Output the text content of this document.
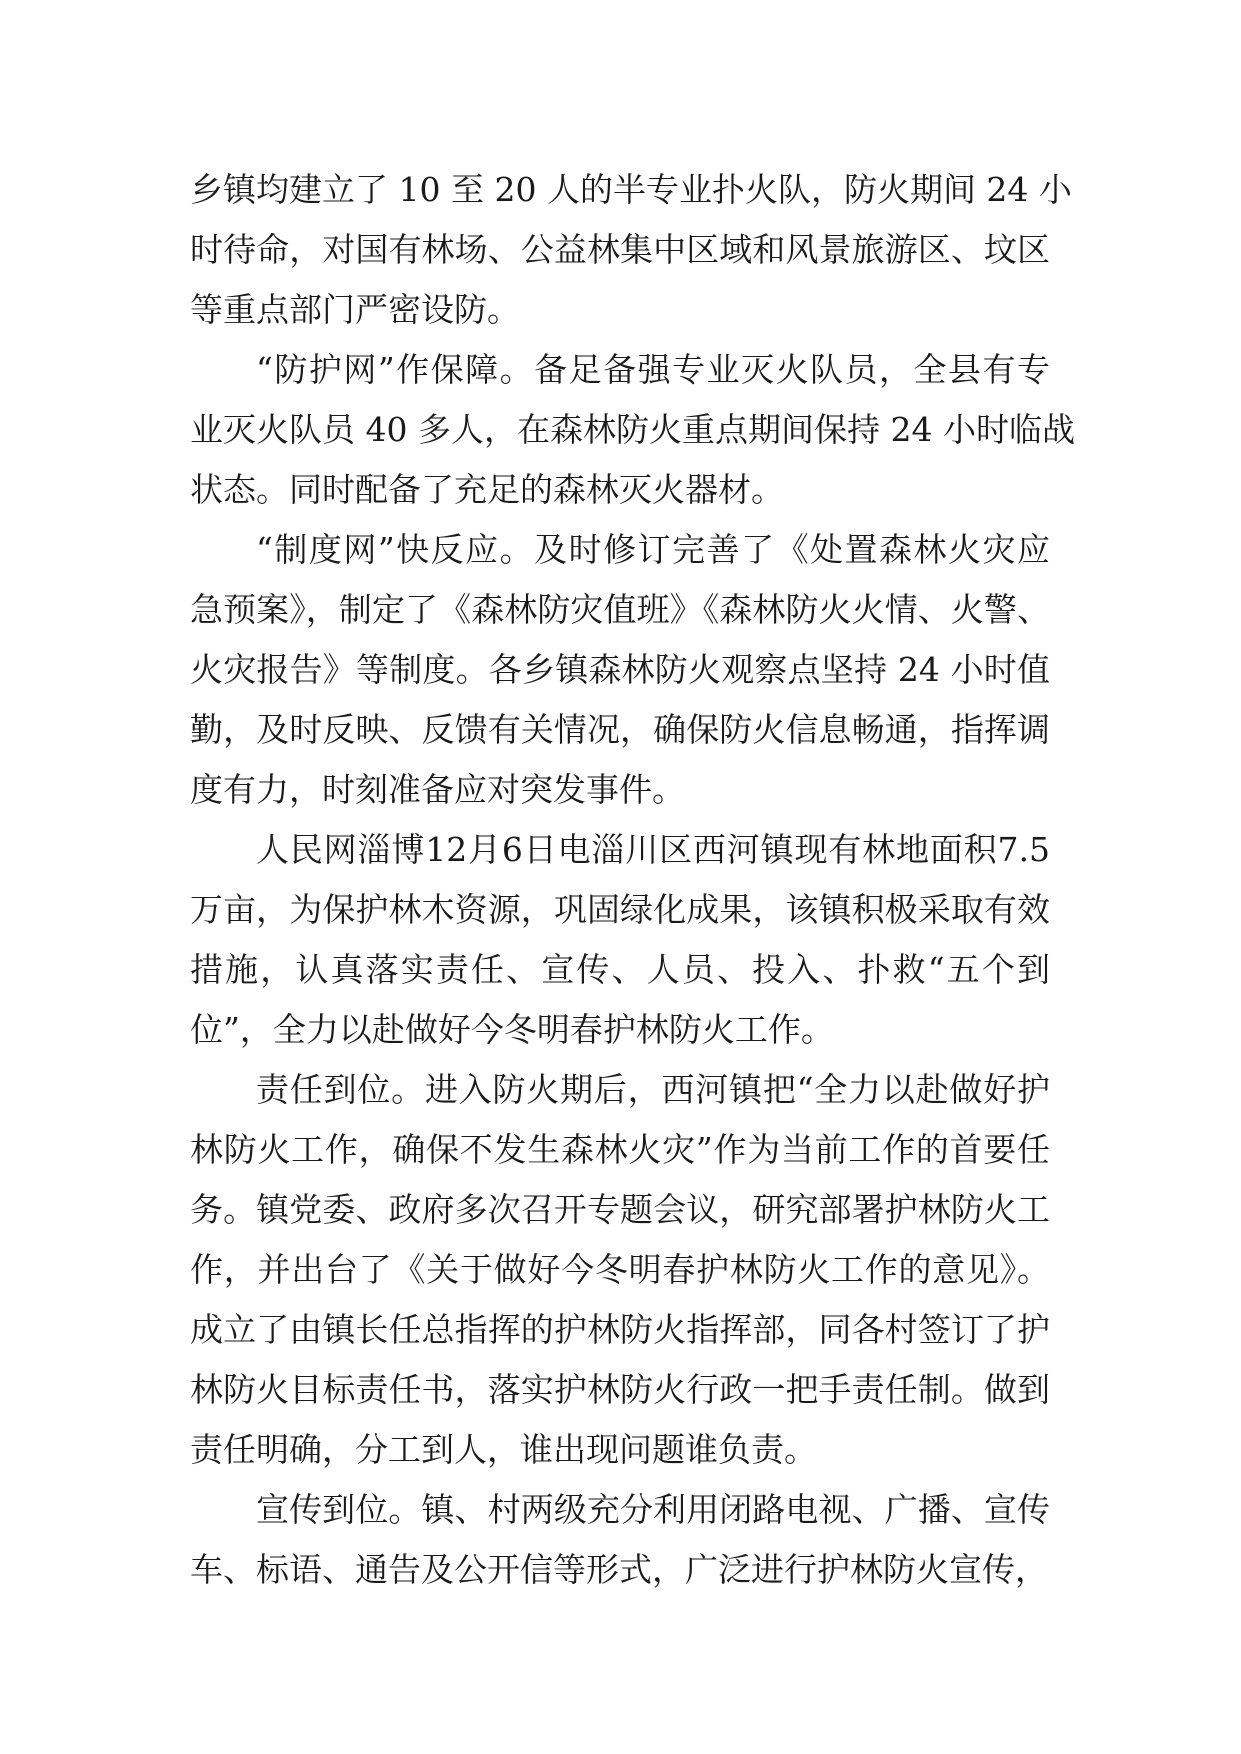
乡镇均建立了 10 至 20 人的半专业扑火队，防火期间 24 小
时待命，对国有林场、公益林集中区域和风景旅游区、坟区
等重点部门严密设防。

“防护网”作保障。备足备强专业灭火队员，全县有专
业灭火队员 40 多人，在森林防火重点期间保持 24 小时临战
状态。同时配备了充足的森林灭火器材。

“制度网”快反应。及时修订完善了《处置森林火灾应
急预案》，制定了《森林防灾值班》《森林防火火情、火警、
火灾报告》等制度。各乡镇森林防火观察点坚持 24 小时值
勤，及时反映、反馈有关情况，确保防火信息畅通，指挥调
度有力，时刻准备应对突发事件。

人民网淄博12月6日电淄川区西河镇现有林地面积7.5
万亩，为保护林木资源，巩固绿化成果，该镇积极采取有效
措施，认真落实责任、宣传、人员、投入、扑救“五个到
位”，全力以赴做好今冬明春护林防火工作。

责任到位。进入防火期后，西河镇把“全力以赴做好护
林防火工作，确保不发生森林火灾”作为当前工作的首要任
务。镇党委、政府多次召开专题会议，研究部署护林防火工
作，并出台了《关于做好今冬明春护林防火工作的意见》。
成立了由镇长任总指挥的护林防火指挥部，同各村签订了护
林防火目标责任书，落实护林防火行政一把手责任制。做到
责任明确，分工到人，谁出现问题谁负责。

宣传到位。镇、村两级充分利用闭路电视、广播、宣传
车、标语、通告及公开信等形式，广泛进行护林防火宣传，
